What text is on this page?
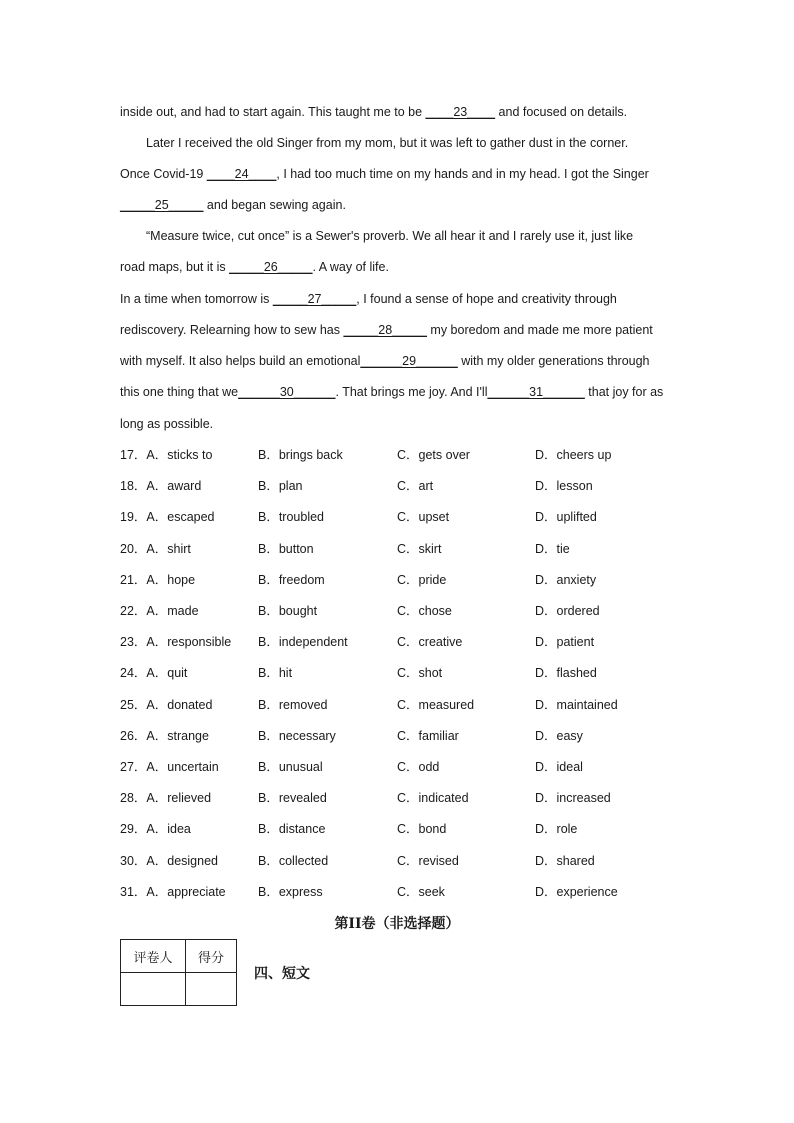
inside out, and had to start again. This taught me to be ____23____ and focused on details.
Later I received the old Singer from my mom, but it was left to gather dust in the corner.
Once Covid-19 ____24____, I had too much time on my hands and in my head. I got the Singer
_____25_____ and began sewing again.
“Measure twice, cut once” is a Sewer's proverb. We all hear it and I rarely use it, just like
road maps, but it is _____26_____. A way of life.
In a time when tomorrow is _____27_____, I found a sense of hope and creativity through
rediscovery. Relearning how to sew has _____28_____ my boredom and made me more patient
with myself. It also helps build an emotional______29______ with my older generations through
this one thing that we______30______. That brings me joy. And I'll______31______ that joy for as
long as possible.
17．A．sticks to	B．brings back	C．gets over	D．cheers up
18．A．award	B．plan	C．art	D．lesson
19．A．escaped	B．troubled	C．upset	D．uplifted
20．A．shirt	B．button	C．skirt	D．tie
21．A．hope	B．freedom	C．pride	D．anxiety
22．A．made	B．bought	C．chose	D．ordered
23．A．responsible B．independent	C．creative	D．patient
24．A．quit	B．hit	C．shot	D．flashed
25．A．donated	B．removed	C．measured	D．maintained
26．A．strange	B．necessary	C．familiar	D．easy
27．A．uncertain	B．unusual	C．odd	D．ideal
28．A．relieved	B．revealed	C．indicated	D．increased
29．A．idea	B．distance	C．bond	D．role
30．A．designed	B．collected	C．revised	D．shared
31．A．appreciate	B．express	C．seek	D．experience
第II卷（非选择题）
评卷人	得分

四、短文
